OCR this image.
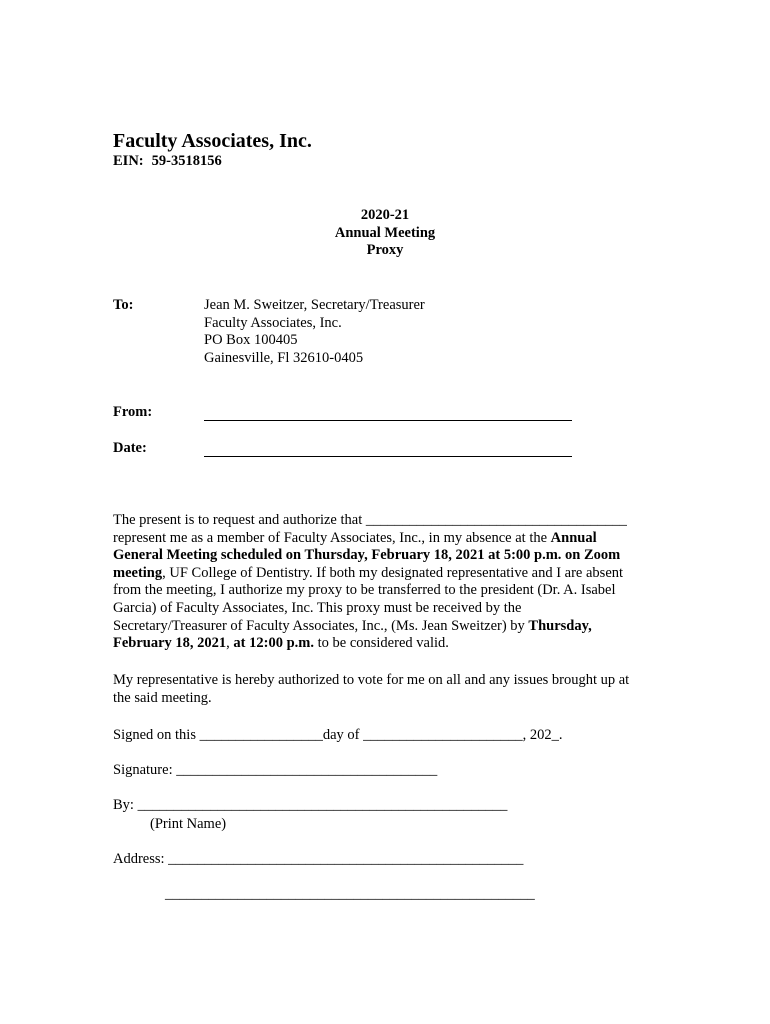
Faculty Associates, Inc.
EIN: 59-3518156
2020-21
Annual Meeting
Proxy
To:	Jean M. Sweitzer, Secretary/Treasurer
Faculty Associates, Inc.
PO Box 100405
Gainesville, Fl 32610-0405
From:
Date:
The present is to request and authorize that ____________________________________
represent me as a member of Faculty Associates, Inc., in my absence at the Annual
General Meeting scheduled on Thursday, February 18, 2021 at 5:00 p.m. on Zoom
meeting, UF College of Dentistry. If both my designated representative and I are absent
from the meeting, I authorize my proxy to be transferred to the president (Dr. A. Isabel
Garcia) of Faculty Associates, Inc. This proxy must be received by the
Secretary/Treasurer of Faculty Associates, Inc., (Ms. Jean Sweitzer) by Thursday,
February 18, 2021, at 12:00 p.m. to be considered valid.
My representative is hereby authorized to vote for me on all and any issues brought up at
the said meeting.
Signed on this _________________day of ______________________, 202_.
Signature: ____________________________________
By: ___________________________________________________
(Print Name)
Address: _________________________________________________
___________________________________________________
